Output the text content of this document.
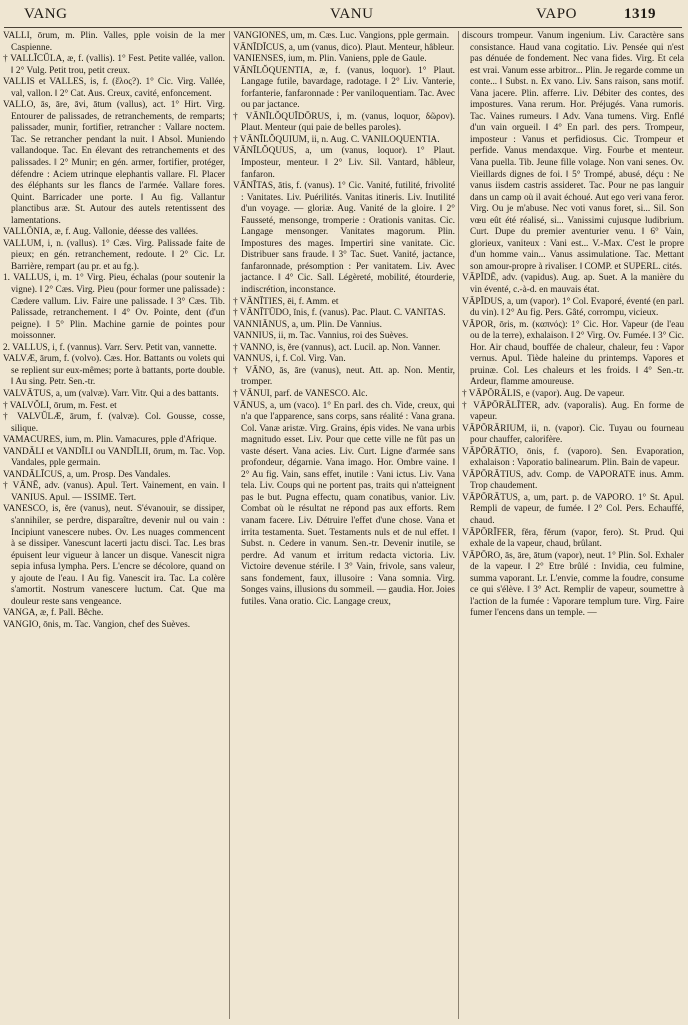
VANG	VANU	VAPO	1319
VALLI, ōrum, m. Plin. Valles, pple voisin de la mer Caspienne.
† VALLĬCŬLA, æ, f. (vallis). 1° Fest. Petite vallée, vallon. ‖ 2° Vulg. Petit trou, petit creux.
VALLIS et VALLES, is, f. (ἕλος?). 1° Cic. Virg. Vallée, val, vallon. ‖ 2° Cat. Aus. Creux, cavité, enfoncement.
VALLO, ās, āre, āvi, ātum (vallus), act. 1° Hirt. Virg. Entourer de palissades, de retranchements, de remparts; palissader, munir, fortifier, retrancher : Vallare noctem. Tac. Se retrancher pendant la nuit. ‖ Absol. Muniendo vallandoque. Tac. En élevant des retranchements et des palissades. ‖ 2° Munir; en gén. armer, fortifier, protéger, défendre : Aciem utrinque elephantis vallare. Fl. Placer des éléphants sur les flancs de l'armée. Vallare fores. Quint. Barricader une porte. ‖ Au fig. Vallantur planctibus aræ. St. Autour des autels retentissent des lamentations.
VALLŌNIA, æ, f. Aug. Vallonie, déesse des vallées.
VALLUM, i, n. (vallus). 1° Cæs. Virg. Palissade faite de pieux; en gén. retranchement, redoute. ‖ 2° Cic. Lr. Barrière, rempart (au pr. et au fg.).
1. VALLUS, i, m. 1° Virg. Pieu, échalas (pour soutenir la vigne). ‖ 2° Cæs. Virg. Pieu (pour former une palissade) : Cædere vallum. Liv. Faire une palissade. ‖ 3° Cæs. Tib. Palissade, retranchement. ‖ 4° Ov. Pointe, dent (d'un peigne). ‖ 5° Plin. Machine garnie de pointes pour moissonner.
2. VALLUS, i, f. (vannus). Varr. Serv. Petit van, vannette.
VALVÆ, ārum, f. (volvo). Cæs. Hor. Battants ou volets qui se replient sur eux-mêmes; porte à battants, porte double. ‖ Au sing. Petr. Sen.-tr.
VALVĀTUS, a, um (valvæ). Varr. Vitr. Qui a des battants.
† VALVŎLI, ōrum, m. Fest. et
† VALVŬLÆ, ārum, f. (valvæ). Col. Gousse, cosse, silique.
VAMACURES, ium, m. Plin. Vamacures, pple d'Afrique.
VANDĀLI et VANDĬLI ou VANDĬLII, ōrum, m. Tac. Vop. Vandales, pple germain.
VANDĀLĬCUS, a, um. Prosp. Des Vandales.
† VĀNĒ, adv. (vanus). Apul. Tert. Vainement, en vain. ‖ VANIUS. Apul. — ISSIME. Tert.
VANESCO, is, ĕre (vanus), neut. S'évanouir, se dissiper, s'annihiler, se perdre, disparaître, devenir nul ou vain : Incipiunt vanescere nubes. Ov. Les nuages commencent à se dissiper. Vanescunt lacerti jactu disci. Tac. Les bras épuisent leur vigueur à lancer un disque. Vanescit nigra sepia infusa lympha. Pers. L'encre se décolore, quand on y ajoute de l'eau. ‖ Au fig. Vanescit ira. Tac. La colère s'amortit. Nostrum vanescere luctum. Cat. Que ma douleur reste sans vengeance.
VANGA, æ, f. Pall. Bêche.
VANGIO, ōnis, m. Tac. Vangion, chef des Suèves.
VANGIŌNES, um, m. Cæs. Luc. Vangions, pple germain.
VĀNĬDĬCUS, a, um (vanus, dico). Plaut. Menteur, hâbleur.
VANIENSES, ium, m. Plin. Vaniens, pple de Gaule.
VĀNĬLŎQUENTIA, æ, f. (vanus, loquor). 1° Plaut. Langage futile, bavardage, radotage. ‖ 2° Liv. Vanterie, forfanterie, fanfaronnade : Per vaniloquentiam. Tac. Avec ou par jactance.
† VĀNĬLŎQUĬDŌRUS, i, m. (vanus, loquor, δῶρον). Plaut. Menteur (qui paie de belles paroles).
† VĀNĬLŎQUIUM, ii, n. Aug. C. VANILOQUENTIA.
VĀNĬLŎQUUS, a, um (vanus, loquor). 1° Plaut. Imposteur, menteur. ‖ 2° Liv. Sil. Vantard, hâbleur, fanfaron.
VĀNĬTAS, ātis, f. (vanus). 1° Cic. Vanité, futilité, frivolité : Vanitates. Liv. Puérilités. Vanitas itineris. Liv. Inutilité d'un voyage. — gloriæ. Aug. Vanité de la gloire. ‖ 2° Fausseté, mensonge, tromperie : Orationis vanitas. Cic. Langage mensonger. Vanitates magorum. Plin. Impostures des mages. Impertiri sine vanitate. Cic. Distribuer sans fraude. ‖ 3° Tac. Suet. Vanité, jactance, fanfaronnade, présomption : Per vanitatem. Liv. Avec jactance. ‖ 4° Cic. Sall. Légèreté, mobilité, étourderie, indiscrétion, inconstance.
† VĀNĬTIES, ēi, f. Amm. et
† VĀNĬTŪDO, ĭnis, f. (vanus). Pac. Plaut. C. VANITAS.
VANNIĀNUS, a, um. Plin. De Vannius.
VANNIUS, ii, m. Tac. Vannius, roi des Suèves.
† VANNO, is, ĕre (vannus), act. Lucil. ap. Non. Vanner.
VANNUS, i, f. Col. Virg. Van.
† VĀNO, ās, āre (vanus), neut. Att. ap. Non. Mentir, tromper.
† VĀNUI, parf. de VANESCO. Alc.
VĀNUS, a, um (vaco). 1° En parl. des ch. Vide, creux, qui n'a que l'apparence, sans corps, sans réalité : Vana grana. Col. Vanæ aristæ. Virg. Grains, épis vides. Ne vana urbis magnitudo esset. Liv. Pour que cette ville ne fût pas un vaste désert. Vana acies. Liv. Curt. Ligne d'armée sans profondeur, dégarnie. Vana imago. Hor. Ombre vaine. ‖ 2° Au fig. Vain, sans effet, inutile : Vani ictus. Liv. Vana tela. Liv. Coups qui ne portent pas, traits qui n'atteignent pas le but. Pugna effectu, quam conatibus, vanior. Liv. Combat où le résultat ne répond pas aux efforts. Rem vanam facere. Liv. Détruire l'effet d'une chose. Vana et irrita testamenta. Suet. Testaments nuls et de nul effet. ‖ Subst. n. Cedere in vanum. Sen.-tr. Devenir inutile, se perdre. Ad vanum et irritum redacta victoria. Liv. Victoire devenue stérile. ‖ 3° Vain, frivole, sans valeur, sans fondement, faux, illusoire : Vana somnia. Virg. Songes vains, illusions du sommeil. — gaudia. Hor. Joies futiles. Vana oratio. Cic. Langage creux,
discours trompeur. Vanum ingenium. Liv. Caractère sans consistance. Haud vana cogitatio. Liv. Pensée qui n'est pas dénuée de fondement. Nec vana fides. Virg. Et cela est vrai. Vanum esse arbitror... Plin. Je regarde comme un conte... ‖ Subst. n. Ex vano. Liv. Sans raison, sans motif. Vana jacere. Plin. afferre. Liv. Débiter des contes, des impostures. Vana rerum. Hor. Préjugés. Vana rumoris. Tac. Vaines rumeurs. ‖ Adv. Vana tumens. Virg. Enflé d'un vain orgueil. ‖ 4° En parl. des pers. Trompeur, imposteur : Vanus et perfidiosus. Cic. Trompeur et perfide. Vanus mendaxque. Virg. Fourbe et menteur. Vana puella. Tib. Jeune fille volage. Non vani senes. Ov. Vieillards dignes de foi. ‖ 5° Trompé, abusé, déçu : Ne vanus iisdem castris assideret. Tac. Pour ne pas languir dans un camp où il avait échoué. Aut ego veri vana feror. Virg. Ou je m'abuse. Nec voti vanus foret, si... Sil. Son vœu eût été réalisé, si... Vanissimi cujusque ludibrium. Curt. Dupe du premier aventurier venu. ‖ 6° Vain, glorieux, vaniteux : Vani est... V.-Max. C'est le propre d'un homme vain... Vanus assimulatione. Tac. Mettant son amour-propre à rivaliser. ‖ COMP. et SUPERL. cités.
VĀPĬDĒ, adv. (vapidus). Aug. ap. Suet. A la manière du vin éventé, c.-à-d. en mauvais état.
VĀPĬDUS, a, um (vapor). 1° Col. Evaporé, éventé (en parl. du vin). ‖ 2° Au fig. Pers. Gâté, corrompu, vicieux.
VĂPOR, ōris, m. (καπνός): 1° Cic. Hor. Vapeur (de l'eau ou de la terre), exhalaison. ‖ 2° Virg. Ov. Fumée. ‖ 3° Cic. Hor. Air chaud, bouffée de chaleur, chaleur, feu : Vapor vernus. Apul. Tiède haleine du printemps. Vapores et pruinæ. Col. Les chaleurs et les froids. ‖ 4° Sen.-tr. Ardeur, flamme amoureuse.
† VĀPŌRĀLIS, e (vapor). Aug. De vapeur.
† VĀPŌRĀLĬTER, adv. (vaporalis). Aug. En forme de vapeur.
VĀPŌRĀRIUM, ii, n. (vapor). Cic. Tuyau ou fourneau pour chauffer, calorifère.
VĀPŌRĀTIO, ōnis, f. (vaporo). Sen. Evaporation, exhalaison : Vaporatio balinearum. Plin. Bain de vapeur.
VĀPŌRĀTIUS, adv. Comp. de VAPORATE inus. Amm. Trop chaudement.
VĀPŌRĀTUS, a, um, part. p. de VAPORO. 1° St. Apul. Rempli de vapeur, de fumée. ‖ 2° Col. Pers. Echauffé, chaud.
VĀPŌRĬFER, fĕra, fĕrum (vapor, fero). St. Prud. Qui exhale de la vapeur, chaud, brûlant.
VĀPŌRO, ās, āre, ātum (vapor), neut. 1° Plin. Sol. Exhaler de la vapeur. ‖ 2° Etre brûlé : Invidia, ceu fulmine, summa vaporant. Lr. L'envie, comme la foudre, consume ce qui s'élève. ‖ 3° Act. Remplir de vapeur, soumettre à l'action de la fumée : Vaporare templum ture. Virg. Faire fumer l'encens dans un temple. —
